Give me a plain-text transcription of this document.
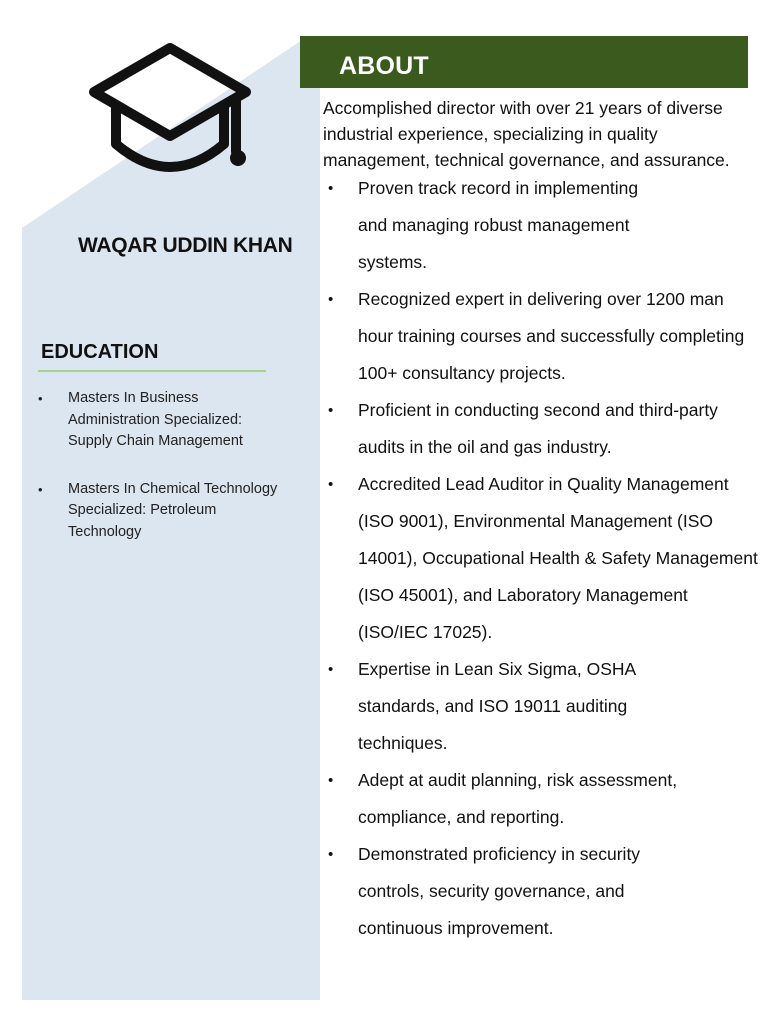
WAQAR UDDIN KHAN
EDUCATION
• Masters In Business Administration Specialized: Supply Chain Management
• Masters In Chemical Technology Specialized: Petroleum Technology
ABOUT
Accomplished director with over 21 years of diverse industrial experience, specializing in quality management, technical governance, and assurance.
• Proven track record in implementing and managing robust management systems.
• Recognized expert in delivering over 1200 man hour training courses and successfully completing 100+ consultancy projects.
• Proficient in conducting second and third-party audits in the oil and gas industry.
• Accredited Lead Auditor in Quality Management (ISO 9001), Environmental Management (ISO 14001), Occupational Health & Safety Management (ISO 45001), and Laboratory Management (ISO/IEC 17025).
• Expertise in Lean Six Sigma, OSHA standards, and ISO 19011 auditing techniques.
• Adept at audit planning, risk assessment, compliance, and reporting.
• Demonstrated proficiency in security controls, security governance, and continuous improvement.
